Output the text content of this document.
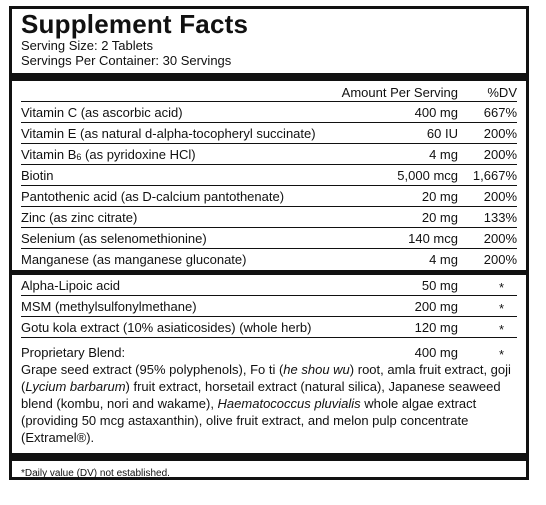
Supplement Facts
Serving Size: 2 Tablets
Servings Per Container: 30 Servings
Amount Per Serving %DV
Vitamin C (as ascorbic acid)	400 mg 667%
Vitamin E (as natural d-alpha-tocopheryl succinate)	60 IU 200%
Vitamin $B_6$ (as pyridoxine HCl)	4 mg 200%
Biotin	5,000 mcg 1,667%
Pantothenic acid (as D-calcium pantothenate)	20 mg 200%
Zinc (as zinc citrate)	20 mg 133%
Selenium (as selenomethionine)	140 mcg 200%
Manganese (as manganese gluconate)	4 mg 200%
Alpha-Lipoic acid	50 mg	*
MSM (methylsulfonylmethane)	200 mg	*
Gotu kola extract (10% asiaticosides) (whole herb)	120 mg	*
Proprietary Blend:	400 mg	*
Grape seed extract (95% polyphenols), Fo ti (he shou wu) root, amla fruit extract, goji (Lycium barbarum) fruit extract, horsetail extract (natural silica), Japanese seaweed blend (kombu, nori and wakame), Haematococcus pluvialis whole algae extract (providing 50 mcg astaxanthin), olive fruit extract, and melon pulp concentrate (Extramel®).
*Daily value (DV) not established.
